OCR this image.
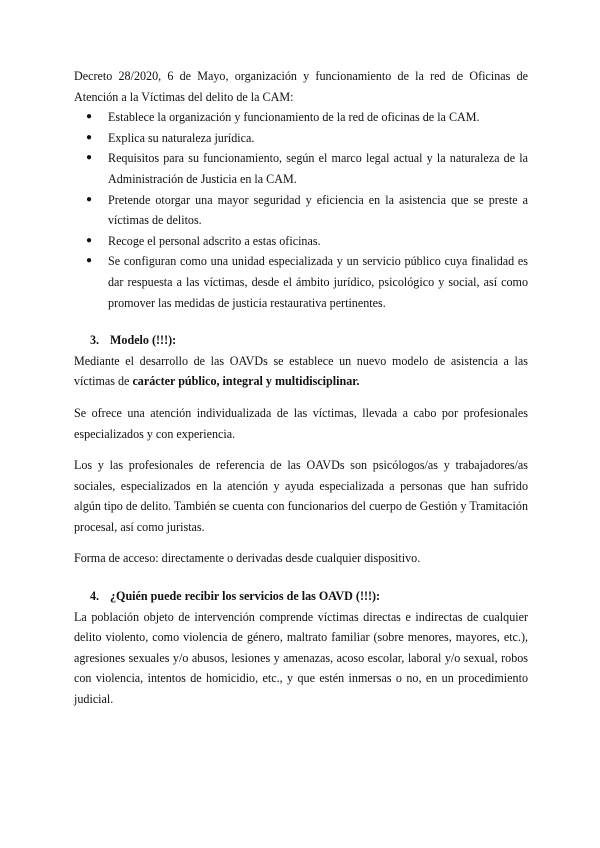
Decreto 28/2020, 6 de Mayo, organización y funcionamiento de la red de Oficinas de Atención a la Víctimas del delito de la CAM:

● Establece la organización y funcionamiento de la red de oficinas de la CAM.
● Explica su naturaleza jurídica.
● Requisitos para su funcionamiento, según el marco legal actual y la naturaleza de la Administración de Justicia en la CAM.
● Pretende otorgar una mayor seguridad y eficiencia en la asistencia que se preste a víctimas de delitos.
● Recoge el personal adscrito a estas oficinas.
● Se configuran como una unidad especializada y un servicio público cuya finalidad es dar respuesta a las víctimas, desde el ámbito jurídico, psicológico y social, así como promover las medidas de justicia restaurativa pertinentes.

3. Modelo (!!!):

Mediante el desarrollo de las OAVDs se establece un nuevo modelo de asistencia a las víctimas de carácter público, integral y multidisciplinar.

Se ofrece una atención individualizada de las víctimas, llevada a cabo por profesionales especializados y con experiencia.

Los y las profesionales de referencia de las OAVDs son psicólogos/as y trabajadores/as sociales, especializados en la atención y ayuda especializada a personas que han sufrido algún tipo de delito. También se cuenta con funcionarios del cuerpo de Gestión y Tramitación procesal, así como juristas.

Forma de acceso: directamente o derivadas desde cualquier dispositivo.

4. ¿Quién puede recibir los servicios de las OAVD (!!!):

La población objeto de intervención comprende víctimas directas e indirectas de cualquier delito violento, como violencia de género, maltrato familiar (sobre menores, mayores, etc.), agresiones sexuales y/o abusos, lesiones y amenazas, acoso escolar, laboral y/o sexual, robos con violencia, intentos de homicidio, etc., y que estén inmersas o no, en un procedimiento judicial.
